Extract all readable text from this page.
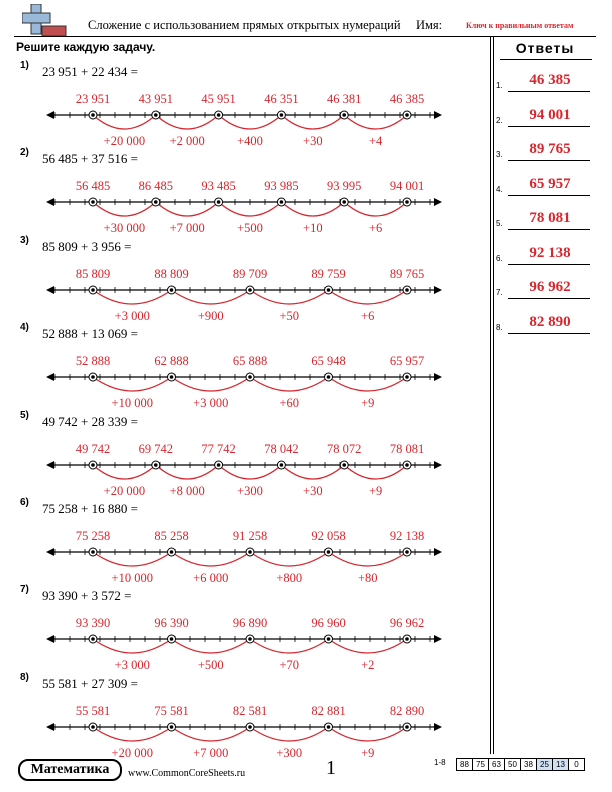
Сложение с использованием прямых открытых нумераций Имя:	Ключ к правильным ответам
Решите каждую задачу.	Ответы
1.	46 385
2.	94 001
3.	89 765
4.	65 957
5.	78 081
6.	92 138
7.	96 962
8.	82 890
1) 23 951 + 22 434 =
+20 000 +2 000	+400	+30	+4
23 951 43 951 45 951 46 351 46 381 46 385
2) 56 485 + 37 516 =
+30 000 +7 000	+500	+10	+6
56 485 86 485 93 485 93 985 93 995 94 001
3) 85 809 + 3 956 =
+3 000	+900	+50	+6
85 809	88 809	89 709	89 759	89 765
4) 52 888 + 13 069 =
+10 000	+3 000	+60	+9
52 888	62 888	65 888	65 948	65 957
5) 49 742 + 28 339 =
+20 000 +8 000	+300	+30	+9
49 742 69 742 77 742 78 042 78 072 78 081
6) 75 258 + 16 880 =
+10 000	+6 000	+800	+80
75 258	85 258	91 258	92 058	92 138
7) 93 390 + 3 572 =
+3 000	+500	+70	+2
93 390	96 390	96 890	96 960	96 962
8) 55 581 + 27 309 =
+20 000	+7 000	+300	+9
55 581	75 581	82 581	82 881	82 890
Математика	www.CommonCoreSheets.ru	1	1-8	88 75 63 50 38 25 13	0
